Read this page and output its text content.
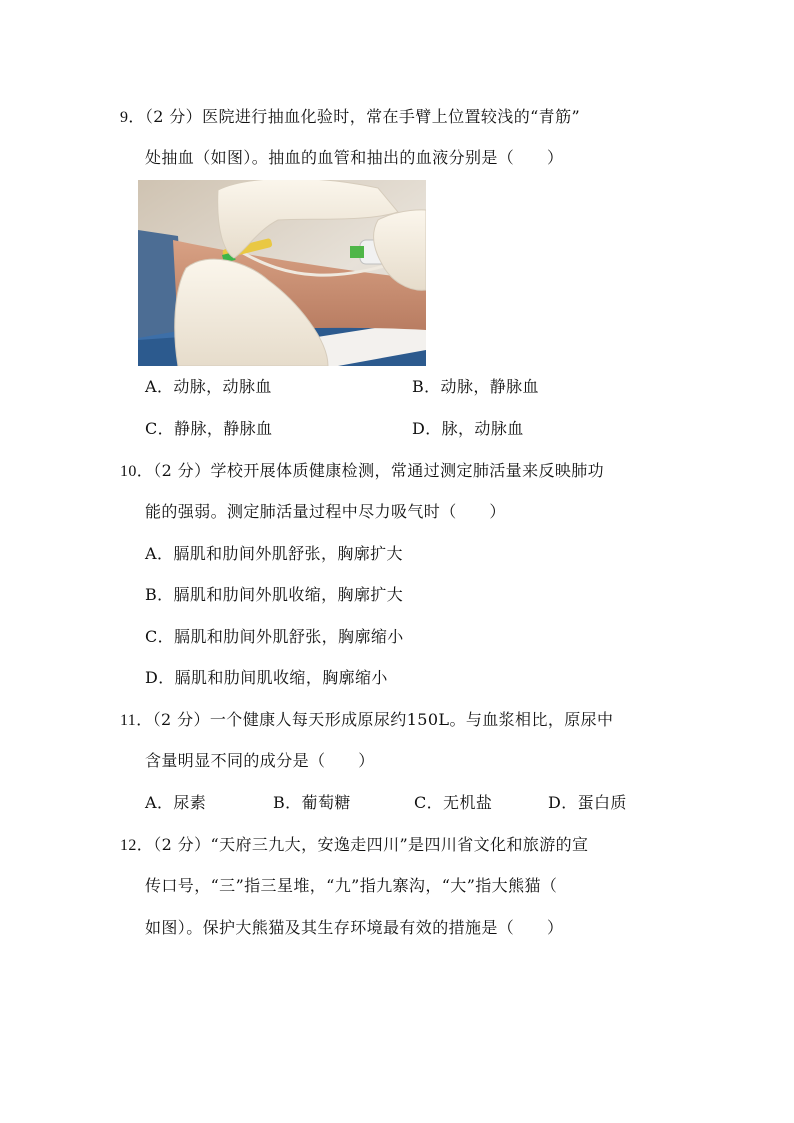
9．（2 分）医院进行抽血化验时，常在手臂上位置较浅的“青筋”
处抽血（如图）。抽血的血管和抽出的血液分别是（　　）
A．动脉，动脉血	B．动脉，静脉血
C．静脉，静脉血	D．脉，动脉血
10．（2 分）学校开展体质健康检测，常通过测定肺活量来反映肺功
能的强弱。测定肺活量过程中尽力吸气时（　　）
A．膈肌和肋间外肌舒张，胸廓扩大
B．膈肌和肋间外肌收缩，胸廓扩大
C．膈肌和肋间外肌舒张，胸廓缩小
D．膈肌和肋间肌收缩，胸廓缩小
11．（2 分）一个健康人每天形成原尿约150L。与血浆相比，原尿中
含量明显不同的成分是（　　）
A．尿素	B．葡萄糖	C．无机盐	D．蛋白质
12．（2 分）“天府三九大，安逸走四川”是四川省文化和旅游的宣
传口号，“三”指三星堆，“九”指九寨沟，“大”指大熊猫（
如图）。保护大熊猫及其生存环境最有效的措施是（　　）
